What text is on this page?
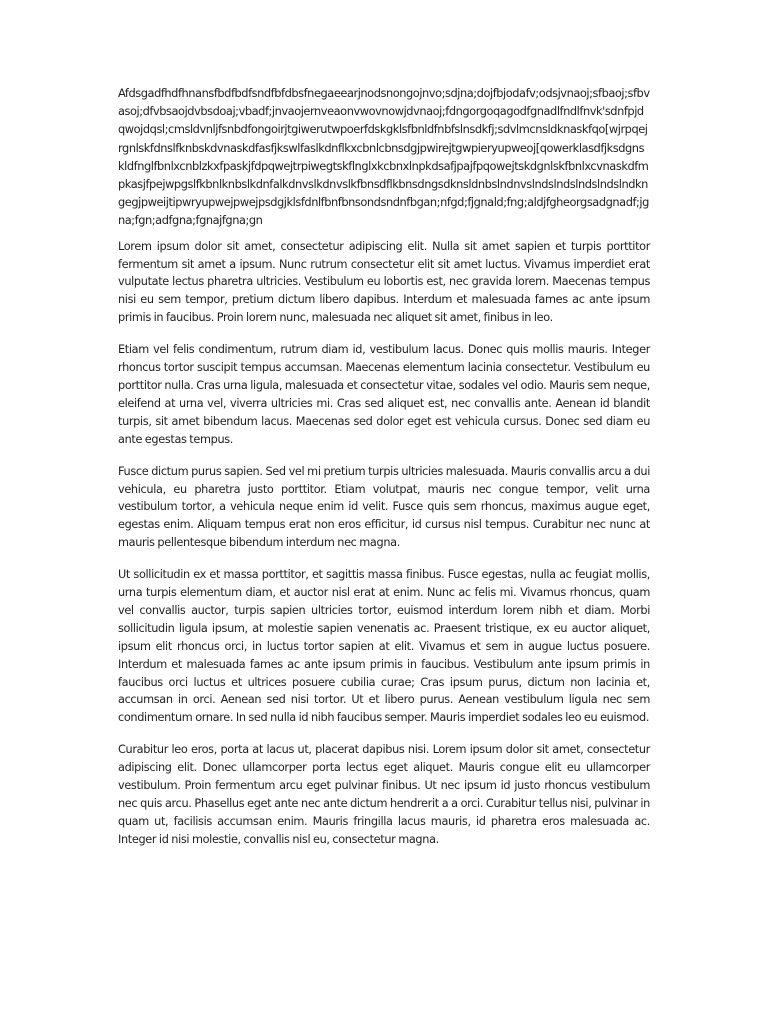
Afdsgadfhdfhnansfbdfbdfsndfbfdbsfnegaeearjnodsnongojnvo;sdjna;dojfbjodafv;odsjvnaoj;sfbaoj;sfbvasoj;dfvbsaojdvbsdoaj;vbadf;jnvaojernveaonvwovnowjdvnaoj;fdngorgoqagodfgnadlfndlfnvk'sdnfpjdqwojdqsl;cmsldvnljfsnbdfongoirjtgiwerutwpoerfdskgklsfbnldfnbfslnsdkfj;sdvlmcnsldknaskfqo[wjrpqejrgnlskfdnslfknbskdvnaskdfasfjkswlfaslkdnflkxcbnlcbnsdgjpwirejtgwpieryupweoj[qowerklasdfjksdgnskldfnglfbnlxcnblzkxfpaskjfdpqwejtrpiwegtskflnglxkcbnxlnpkdsafjpajfpqowejtskdgnlskfbnlxcvnaskdfmpkasjfpejwpgslfkbnlknbslkdnfalkdnvslkdnvslkfbnsdflkbnsdngsdknsldnbslndnvslndslndslndslndslndkngegjpweijtipwryupwejpwejpsdgjklsfdnlfbnfbnsondsndnfbgan;nfgd;fjgnald;fng;aldjfgheorgsadgnadf;jgna;fgn;adfgna;fgnajfgna;gn

Lorem ipsum dolor sit amet, consectetur adipiscing elit. Nulla sit amet sapien et turpis porttitor fermentum sit amet a ipsum. Nunc rutrum consectetur elit sit amet luctus. Vivamus imperdiet erat vulputate lectus pharetra ultricies. Vestibulum eu lobortis est, nec gravida lorem. Maecenas tempus nisi eu sem tempor, pretium dictum libero dapibus. Interdum et malesuada fames ac ante ipsum primis in faucibus. Proin lorem nunc, malesuada nec aliquet sit amet, finibus in leo.

Etiam vel felis condimentum, rutrum diam id, vestibulum lacus. Donec quis mollis mauris. Integer rhoncus tortor suscipit tempus accumsan. Maecenas elementum lacinia consectetur. Vestibulum eu porttitor nulla. Cras urna ligula, malesuada et consectetur vitae, sodales vel odio. Mauris sem neque, eleifend at urna vel, viverra ultricies mi. Cras sed aliquet est, nec convallis ante. Aenean id blandit turpis, sit amet bibendum lacus. Maecenas sed dolor eget est vehicula cursus. Donec sed diam eu ante egestas tempus.

Fusce dictum purus sapien. Sed vel mi pretium turpis ultricies malesuada. Mauris convallis arcu a dui vehicula, eu pharetra justo porttitor. Etiam volutpat, mauris nec congue tempor, velit urna vestibulum tortor, a vehicula neque enim id velit. Fusce quis sem rhoncus, maximus augue eget, egestas enim. Aliquam tempus erat non eros efficitur, id cursus nisl tempus. Curabitur nec nunc at mauris pellentesque bibendum interdum nec magna.

Ut sollicitudin ex et massa porttitor, et sagittis massa finibus. Fusce egestas, nulla ac feugiat mollis, urna turpis elementum diam, et auctor nisl erat at enim. Nunc ac felis mi. Vivamus rhoncus, quam vel convallis auctor, turpis sapien ultricies tortor, euismod interdum lorem nibh et diam. Morbi sollicitudin ligula ipsum, at molestie sapien venenatis ac. Praesent tristique, ex eu auctor aliquet, ipsum elit rhoncus orci, in luctus tortor sapien at elit. Vivamus et sem in augue luctus posuere. Interdum et malesuada fames ac ante ipsum primis in faucibus. Vestibulum ante ipsum primis in faucibus orci luctus et ultrices posuere cubilia curae; Cras ipsum purus, dictum non lacinia et, accumsan in orci. Aenean sed nisi tortor. Ut et libero purus. Aenean vestibulum ligula nec sem condimentum ornare. In sed nulla id nibh faucibus semper. Mauris imperdiet sodales leo eu euismod.

Curabitur leo eros, porta at lacus ut, placerat dapibus nisi. Lorem ipsum dolor sit amet, consectetur adipiscing elit. Donec ullamcorper porta lectus eget aliquet. Mauris congue elit eu ullamcorper vestibulum. Proin fermentum arcu eget pulvinar finibus. Ut nec ipsum id justo rhoncus vestibulum nec quis arcu. Phasellus eget ante nec ante dictum hendrerit a a orci. Curabitur tellus nisi, pulvinar in quam ut, facilisis accumsan enim. Mauris fringilla lacus mauris, id pharetra eros malesuada ac. Integer id nisi molestie, convallis nisl eu, consectetur magna.
